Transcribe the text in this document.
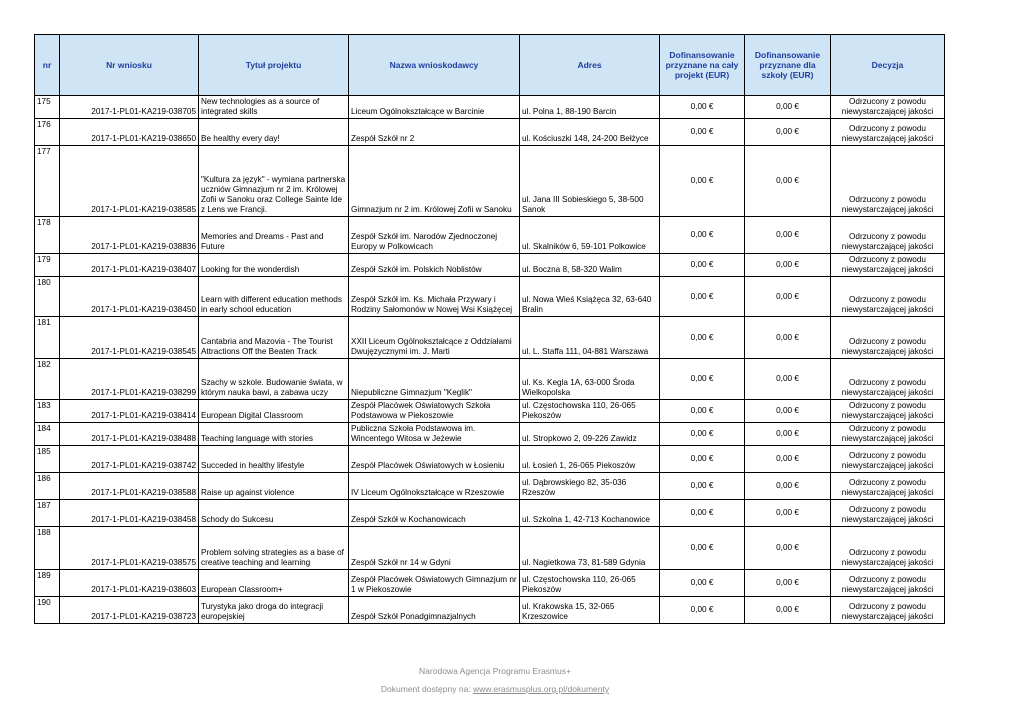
nr	Nr wniosku	Tytuł projektu	Nazwa wnioskodawcy	Adres	Dofinansowanie przyznane na cały projekt (EUR)	Dofinansowanie przyznane dla szkoły (EUR)	Decyzja
175	2017-1-PL01-KA219-038705	New technologies as a source of integrated skills	Liceum Ogólnokształcące w Barcinie	ul. Polna 1, 88-190 Barcin	0,00 €	0,00 €	Odrzucony z powodu niewystarczającej jakości
176	2017-1-PL01-KA219-038650	Be healthy every day!	Zespół Szkół nr 2	ul. Kościuszki 148, 24-200 Bełżyce	0,00 €	0,00 €	Odrzucony z powodu niewystarczającej jakości
177	2017-1-PL01-KA219-038585	"Kultura za język" - wymiana partnerska uczniów Gimnazjum nr 2 im. Królowej Zofii w Sanoku oraz College Sainte Ide z Lens we Francji.	Gimnazjum nr 2 im. Królowej Zofii w Sanoku	ul. Jana III Sobieskiego 5, 38-500 Sanok	0,00 €	0,00 €	Odrzucony z powodu niewystarczającej jakości
178	2017-1-PL01-KA219-038836	Memories and Dreams - Past and Future	Zespół Szkół im. Narodów Zjednoczonej Europy w Polkowicach	ul. Skalników 6, 59-101 Polkowice	0,00 €	0,00 €	Odrzucony z powodu niewystarczającej jakości
179	2017-1-PL01-KA219-038407	Looking for the wonderdish	Zespół Szkół im. Polskich Noblistów	ul. Boczna 8, 58-320 Walim	0,00 €	0,00 €	Odrzucony z powodu niewystarczającej jakości
180	2017-1-PL01-KA219-038450	Learn with different education methods in early school education	Zespół Szkół im. Ks. Michała Przywary i Rodziny Sałomonów w Nowej Wsi Książęcej	ul. Nowa Wieś Książęca 32, 63-640 Bralin	0,00 €	0,00 €	Odrzucony z powodu niewystarczającej jakości
181	2017-1-PL01-KA219-038545	Cantabria and Mazovia - The Tourist Attractions Off the Beaten Track	XXII Liceum Ogólnokształcące z Oddziałami Dwujęzycznymi im. J. Marti	ul. L. Staffa 111, 04-881 Warszawa	0,00 €	0,00 €	Odrzucony z powodu niewystarczającej jakości
182	2017-1-PL01-KA219-038299	Szachy w szkole. Budowanie świata, w którym nauka bawi, a zabawa uczy	Niepubliczne Gimnazjum "Keglik"	ul. Ks. Kegla 1A, 63-000 Środa Wielkopolska	0,00 €	0,00 €	Odrzucony z powodu niewystarczającej jakości
183	2017-1-PL01-KA219-038414	European Digital Classroom	Zespół Placówek Oświatowych Szkoła Podstawowa w Piekoszowie	ul. Częstochowska 110, 26-065 Piekoszów	0,00 €	0,00 €	Odrzucony z powodu niewystarczającej jakości
184	2017-1-PL01-KA219-038488	Teaching language with stories	Publiczna Szkoła Podstawowa im. Wincentego Witosa w Jeżewie	ul. Stropkowo 2, 09-226 Zawidz	0,00 €	0,00 €	Odrzucony z powodu niewystarczającej jakości
185	2017-1-PL01-KA219-038742	Succeded in healthy lifestyle	Zespół Placówek Oświatowych w Łosieniu	ul. Łosień 1, 26-065 Piekoszów	0,00 €	0,00 €	Odrzucony z powodu niewystarczającej jakości
186	2017-1-PL01-KA219-038588	Raise up against violence	IV Liceum Ogólnokształcące w Rzeszowie	ul. Dąbrowskiego 82, 35-036 Rzeszów	0,00 €	0,00 €	Odrzucony z powodu niewystarczającej jakości
187	2017-1-PL01-KA219-038458	Schody do Sukcesu	Zespół Szkół w Kochanowicach	ul. Szkolna 1, 42-713 Kochanowice	0,00 €	0,00 €	Odrzucony z powodu niewystarczającej jakości
188	2017-1-PL01-KA219-038575	Problem solving strategies as a base of creative teaching and learning	Zespół Szkół nr 14 w Gdyni	ul. Nagietkowa 73, 81-589 Gdynia	0,00 €	0,00 €	Odrzucony z powodu niewystarczającej jakości
189	2017-1-PL01-KA219-038603	European Classroom+	Zespół Placówek Oświatowych Gimnazjum nr 1 w Piekoszowie	ul. Częstochowska 110, 26-065 Piekoszów	0,00 €	0,00 €	Odrzucony z powodu niewystarczającej jakości
190	2017-1-PL01-KA219-038723	Turystyka jako droga do integracji europejskiej	Zespół Szkół Ponadgimnazjalnych	ul. Krakowska 15, 32-065 Krzeszowice	0,00 €	0,00 €	Odrzucony z powodu niewystarczającej jakości
Narodowa Agencja Programu Erasmus+
Dokument dostępny na: www.erasmusplus.org.pl/dokumenty
